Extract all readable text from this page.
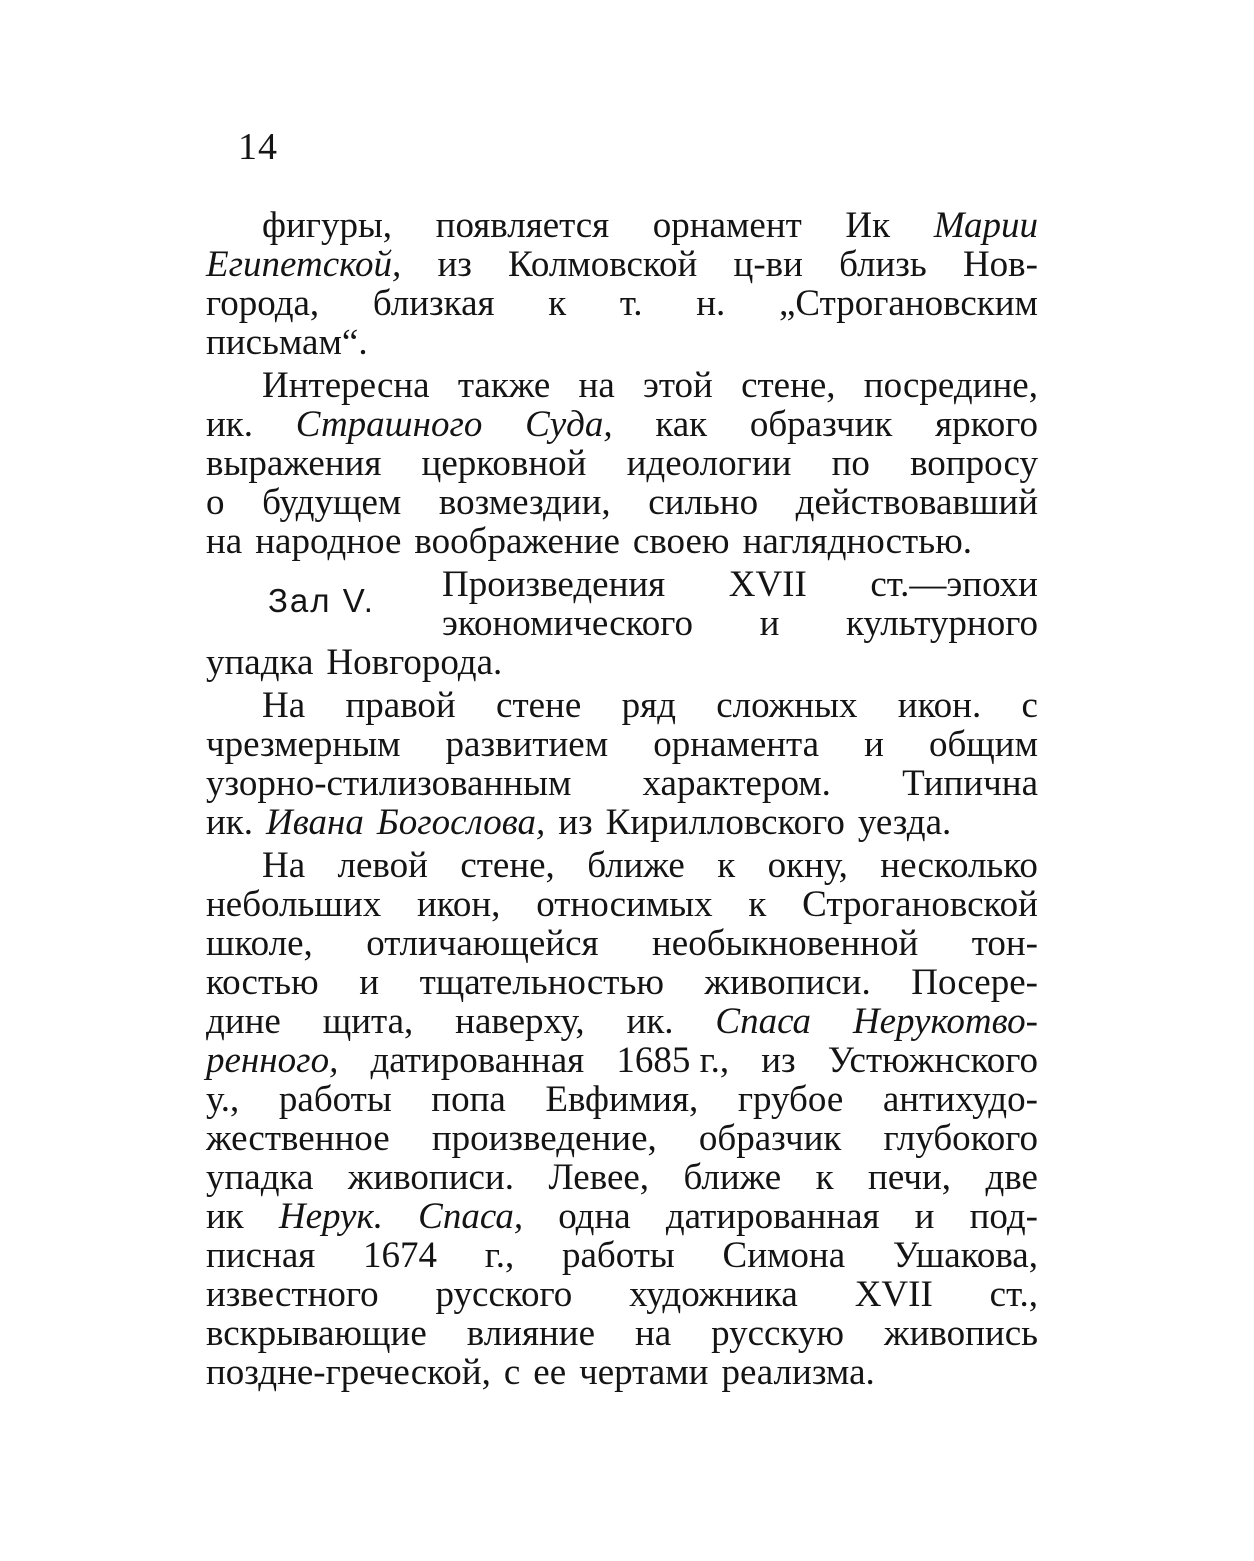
14
фигуры, появляется орнамент Ик Марии
Египетской, из Колмовской ц-ви близь Нов-
города, близкая к т. н. „Строгановским
письмам“.
Интересна также на этой стене, посредине,
ик. Страшного Суда, как образчик яркого
выражения церковной идеологии по вопросу
о будущем возмездии, сильно действовавший
на народное воображение своею наглядностью.
Зал V. Произведения XVII ст.—эпохи
экономического и культурного
упадка Новгорода.
На правой стене ряд сложных икон. с
чрезмерным развитием орнамента и общим
узорно-стилизованным характером. Типична
ик. Ивана Богослова, из Кирилловского уезда.
На левой стене, ближе к окну, несколько
небольших икон, относимых к Строгановской
школе, отличающейся необыкновенной тон-
костью и тщательностью живописи. Посере-
дине щита, наверху, ик. Спаса Нерукотво-
ренного, датированная 1685 г., из Устюжнского
у., работы попа Евфимия, грубое антихудо-
жественное произведение, образчик глубокого
упадка живописи. Левее, ближе к печи, две
ик Нерук. Спаса, одна датированная и под-
писная 1674 г., работы Симона Ушакова,
известного русского художника XVII ст.,
вскрывающие влияние на русскую живопись
поздне-греческой, с ее чертами реализма.
